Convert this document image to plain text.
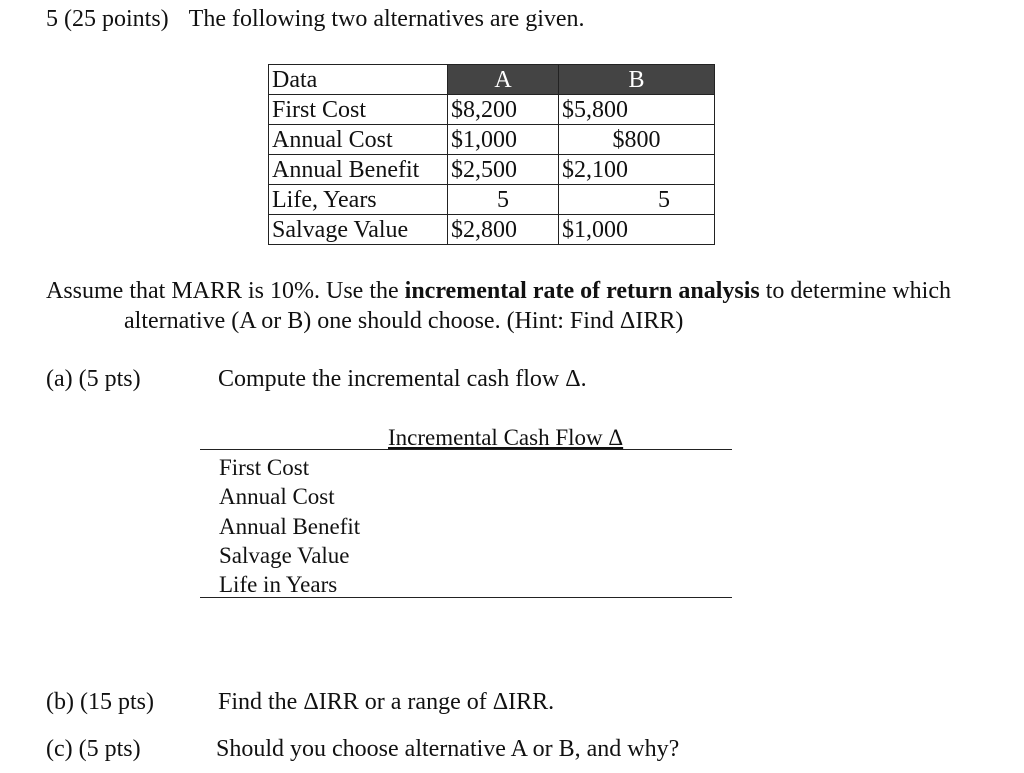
5 (25 points) The following two alternatives are given.
Data	A	B
First Cost	$8,200	$5,800
Annual Cost	$1,000	$800
Annual Benefit	$2,500	$2,100
Life, Years	5	5
Salvage Value	$2,800	$1,000
Assume that MARR is 10%. Use the incremental rate of return analysis to determine which
alternative (A or B) one should choose. (Hint: Find ΔIRR)
(a) (5 pts)	Compute the incremental cash flow Δ.
Incremental Cash Flow Δ
First Cost
Annual Cost
Annual Benefit
Salvage Value
Life in Years
(b) (15 pts)	Find the ΔIRR or a range of ΔIRR.
(c) (5 pts)	Should you choose alternative A or B, and why?
